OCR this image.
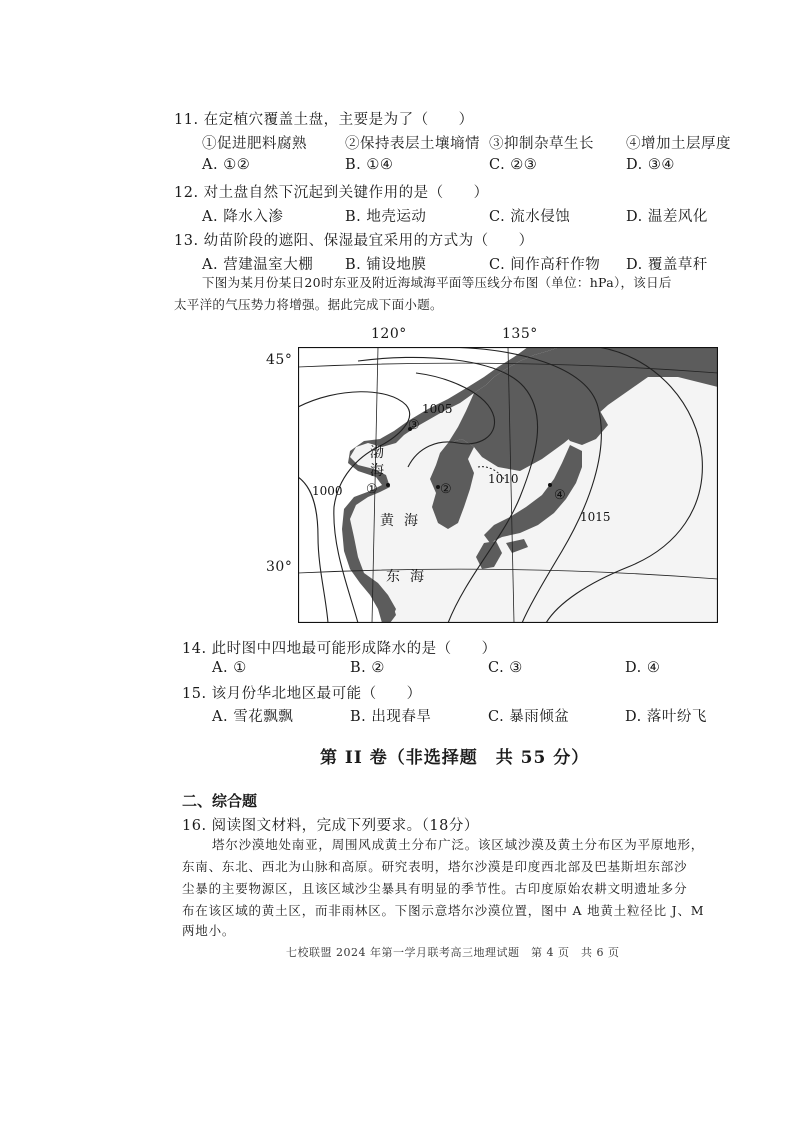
11. 在定植穴覆盖土盘，主要是为了（　　）
①促进肥料腐熟	②保持表层土壤墒情 ③抑制杂草生长 ④增加土层厚度
A. ①②	B. ①④	C. ②③	D. ③④
12. 对土盘自然下沉起到关键作用的是（　　）
A. 降水入渗	B. 地壳运动	C. 流水侵蚀	D. 温差风化
13. 幼苗阶段的遮阳、保湿最宜采用的方式为（　　）
A. 营建温室大棚 B. 铺设地膜	C. 间作高秆作物 D. 覆盖草秆
下图为某月份某日20时东亚及附近海域海平面等压线分布图（单位：hPa），该日后
太平洋的气压势力将增强。据此完成下面小题。
120°	135°
45°
30°
1005
1010
1015
1000
渤
海
黄 海
东 海
①	②
③
④
14. 此时图中四地最可能形成降水的是（　　）
A. ①	B. ②	C. ③	D. ④
15. 该月份华北地区最可能（　　）
A. 雪花飘飘	B. 出现春旱	C. 暴雨倾盆	D. 落叶纷飞
第 II 卷（非选择题　共 55 分）
二、综合题
16. 阅读图文材料，完成下列要求。（18分）
塔尔沙漠地处南亚，周围风成黄土分布广泛。该区域沙漠及黄土分布区为平原地形，
东南、东北、西北为山脉和高原。研究表明，塔尔沙漠是印度西北部及巴基斯坦东部沙
尘暴的主要物源区，且该区域沙尘暴具有明显的季节性。古印度原始农耕文明遗址多分
布在该区域的黄土区，而非雨林区。下图示意塔尔沙漠位置，图中 A 地黄土粒径比 J、M
两地小。
七校联盟 2024 年第一学月联考高三地理试题　第 4 页　共 6 页
